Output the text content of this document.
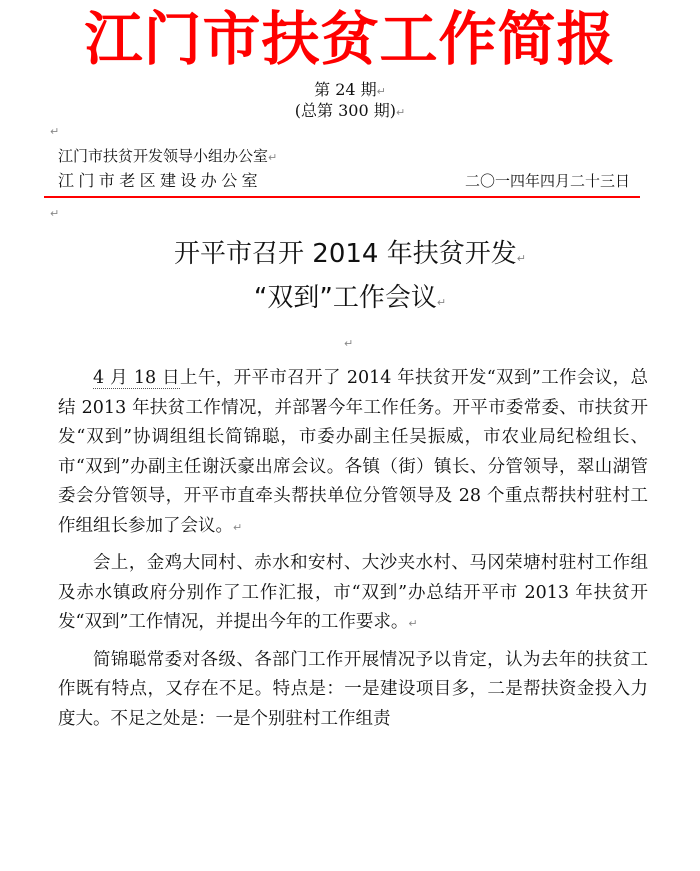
江门市扶贫工作简报
第 24 期↵
(总第 300 期)↵
↵
江门市扶贫开发领导小组办公室↵
江门市老区建设办公室	二〇一四年四月二十三日
↵
开平市召开 2014 年扶贫开发↵
“双到”工作会议↵
↵

4 月 18 日上午，开平市召开了 2014 年扶贫开发“双到”工作会议，总结 2013 年扶贫工作情况，并部署今年工作任务。开平市委常委、市扶贫开发“双到”协调组组长简锦聪，市委办副主任吴振威，市农业局纪检组长、市“双到”办副主任谢沃豪出席会议。各镇（街）镇长、分管领导，翠山湖管委会分管领导，开平市直牵头帮扶单位分管领导及 28 个重点帮扶村驻村工作组组长参加了会议。↵

会上，金鸡大同村、赤水和安村、大沙夹水村、马冈荣塘村驻村工作组及赤水镇政府分别作了工作汇报，市“双到”办总结开平市 2013 年扶贫开发“双到”工作情况，并提出今年的工作要求。↵

简锦聪常委对各级、各部门工作开展情况予以肯定，认为去年的扶贫工作既有特点，又存在不足。特点是：一是建设项目多，二是帮扶资金投入力度大。不足之处是：一是个别驻村工作组责
